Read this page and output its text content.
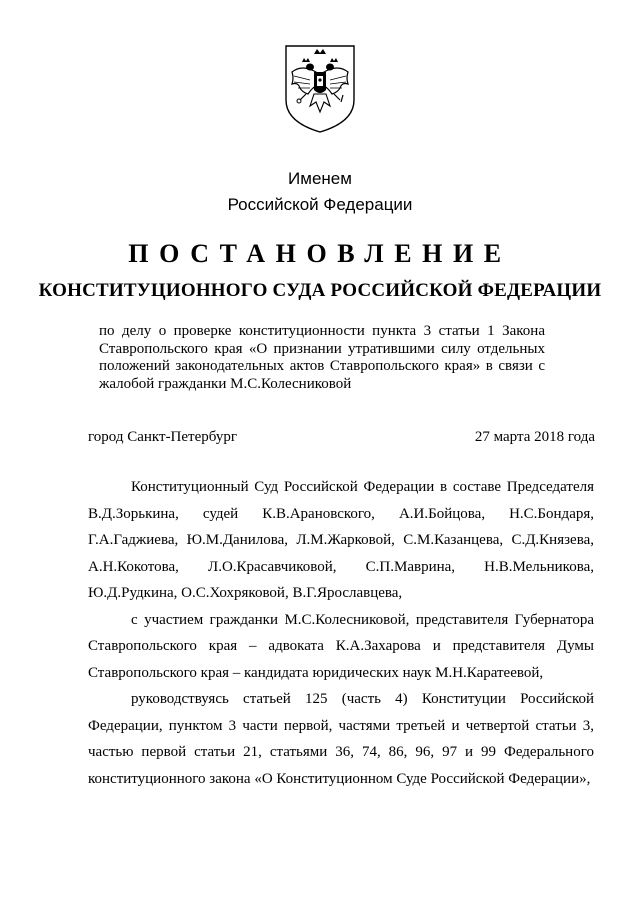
Именем
Российской Федерации
ПОСТАНОВЛЕНИЕ
КОНСТИТУЦИОННОГО СУДА РОССИЙСКОЙ ФЕДЕРАЦИИ
по делу о проверке конституционности пункта 3 статьи 1 Закона Ставропольского края «О признании утратившими силу отдельных положений законодательных актов Ставропольского края» в связи с жалобой гражданки М.С.Колесниковой
город Санкт-Петербург	27 марта 2018 года

Конституционный Суд Российской Федерации в составе Председателя В.Д.Зорькина, судей К.В.Арановского, А.И.Бойцова, Н.С.Бондаря, Г.А.Гаджиева, Ю.М.Данилова, Л.М.Жарковой, С.М.Казанцева, С.Д.Князева, А.Н.Кокотова, Л.О.Красавчиковой, С.П.Маврина, Н.В.Мельникова, Ю.Д.Рудкина, О.С.Хохряковой, В.Г.Ярославцева,

с участием гражданки М.С.Колесниковой, представителя Губернатора Ставропольского края – адвоката К.А.Захарова и представителя Думы Ставропольского края – кандидата юридических наук М.Н.Каратеевой,

руководствуясь статьей 125 (часть 4) Конституции Российской Федерации, пунктом 3 части первой, частями третьей и четвертой статьи 3, частью первой статьи 21, статьями 36, 74, 86, 96, 97 и 99 Федерального конституционного закона «О Конституционном Суде Российской Федерации»,
